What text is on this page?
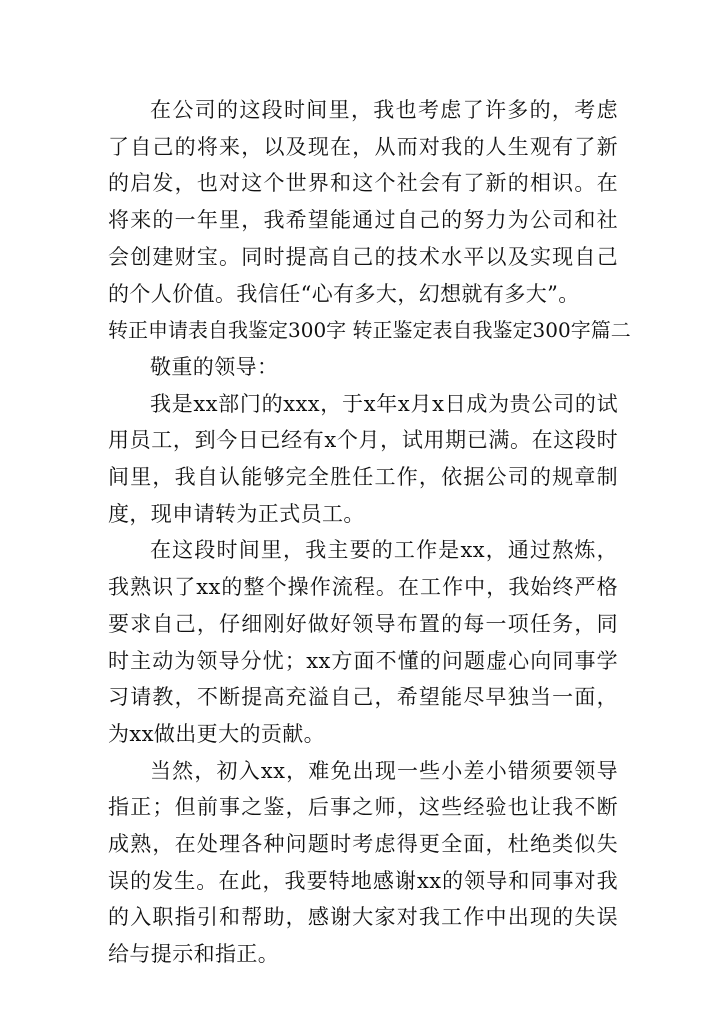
在公司的这段时间里，我也考虑了许多的，考虑了自己的将来，以及现在，从而对我的人生观有了新的启发，也对这个世界和这个社会有了新的相识。在将来的一年里，我希望能通过自己的努力为公司和社会创建财宝。同时提高自己的技术水平以及实现自己的个人价值。我信任“心有多大，幻想就有多大”。

转正申请表自我鉴定300字 转正鉴定表自我鉴定300字篇二

敬重的领导：

我是xx部门的xxx，于x年x月x日成为贵公司的试用员工，到今日已经有x个月，试用期已满。在这段时间里，我自认能够完全胜任工作，依据公司的规章制度，现申请转为正式员工。

在这段时间里，我主要的工作是xx，通过熬炼，我熟识了xx的整个操作流程。在工作中，我始终严格要求自己，仔细刚好做好领导布置的每一项任务，同时主动为领导分忧；xx方面不懂的问题虚心向同事学习请教，不断提高充溢自己，希望能尽早独当一面，为xx做出更大的贡献。

当然，初入xx，难免出现一些小差小错须要领导指正；但前事之鉴，后事之师，这些经验也让我不断成熟，在处理各种问题时考虑得更全面，杜绝类似失误的发生。在此，我要特地感谢xx的领导和同事对我的入职指引和帮助，感谢大家对我工作中出现的失误给与提示和指正。
